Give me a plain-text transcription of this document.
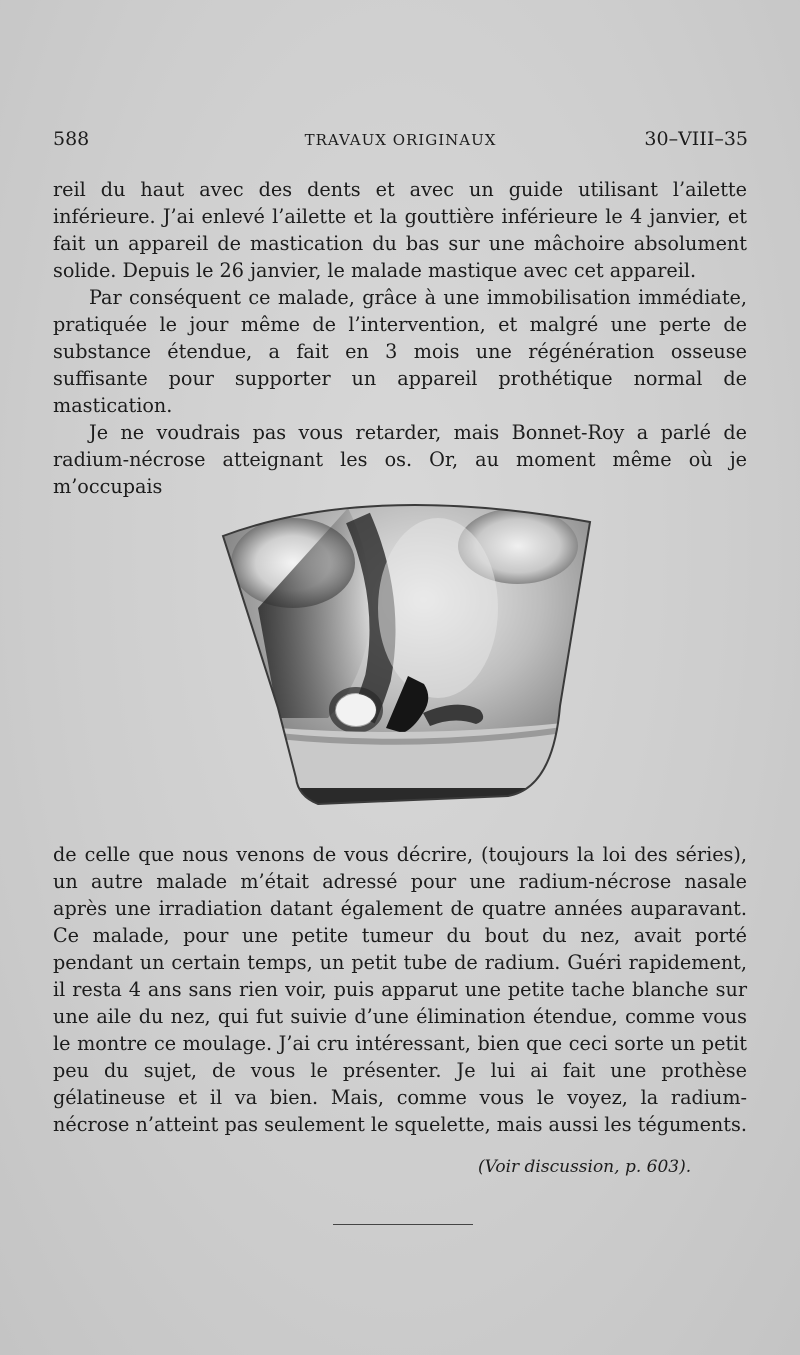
588	TRAVAUX ORIGINAUX	30–VIII–35

reil du haut avec des dents et avec un guide utilisant l’ailette inférieure. J’ai enlevé l’ailette et la gouttière inférieure le 4 janvier, et fait un appareil de mastication du bas sur une mâchoire absolument solide. Depuis le 26 janvier, le malade mastique avec cet appareil.

Par conséquent ce malade, grâce à une immobilisation immédiate, pratiquée le jour même de l’intervention, et malgré une perte de substance étendue, a fait en 3 mois une régénération osseuse suffisante pour supporter un appareil prothétique normal de mastication.

Je ne voudrais pas vous retarder, mais Bonnet-Roy a parlé de radium-nécrose atteignant les os. Or, au moment même où je m’occupais

de celle que nous venons de vous décrire, (toujours la loi des séries), un autre malade m’était adressé pour une radium-nécrose nasale après une irradiation datant également de quatre années auparavant. Ce malade, pour une petite tumeur du bout du nez, avait porté pendant un certain temps, un petit tube de radium. Guéri rapidement, il resta 4 ans sans rien voir, puis apparut une petite tache blanche sur une aile du nez, qui fut suivie d’une élimination étendue, comme vous le montre ce moulage. J’ai cru intéressant, bien que ceci sorte un petit peu du sujet, de vous le présenter. Je lui ai fait une prothèse gélatineuse et il va bien. Mais, comme vous le voyez, la radium-nécrose n’atteint pas seulement le squelette, mais aussi les téguments.

(Voir discussion, p. 603).
